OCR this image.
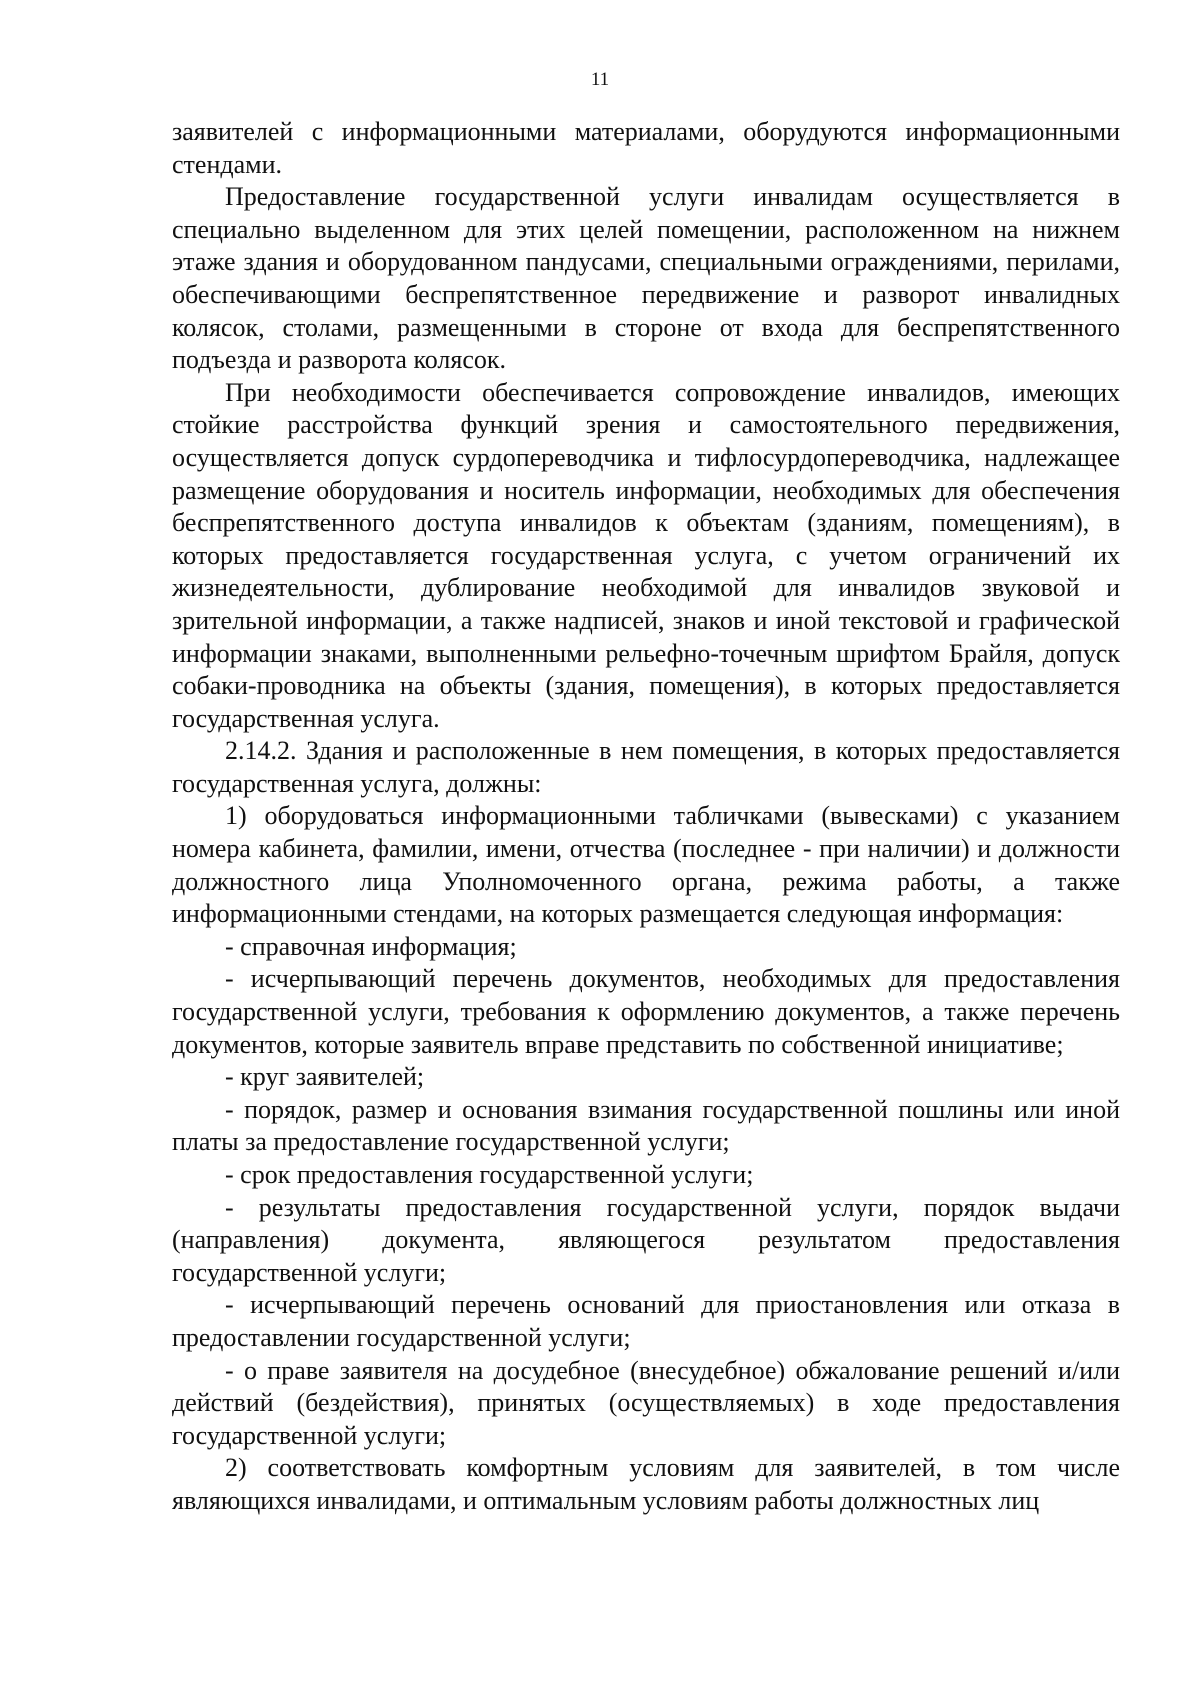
11

заявителей с информационными материалами, оборудуются информационными стендами.

Предоставление государственной услуги инвалидам осуществляется в специально выделенном для этих целей помещении, расположенном на нижнем этаже здания и оборудованном пандусами, специальными ограждениями, перилами, обеспечивающими беспрепятственное передвижение и разворот инвалидных колясок, столами, размещенными в стороне от входа для беспрепятственного подъезда и разворота колясок.

При необходимости обеспечивается сопровождение инвалидов, имеющих стойкие расстройства функций зрения и самостоятельного передвижения, осуществляется допуск сурдопереводчика и тифлосурдопереводчика, надлежащее размещение оборудования и носитель информации, необходимых для обеспечения беспрепятственного доступа инвалидов к объектам (зданиям, помещениям), в которых предоставляется государственная услуга, с учетом ограничений их жизнедеятельности, дублирование необходимой для инвалидов звуковой и зрительной информации, а также надписей, знаков и иной текстовой и графической информации знаками, выполненными рельефно-точечным шрифтом Брайля, допуск собаки-проводника на объекты (здания, помещения), в которых предоставляется государственная услуга.

2.14.2. Здания и расположенные в нем помещения, в которых предоставляется государственная услуга, должны:

1) оборудоваться информационными табличками (вывесками) с указанием номера кабинета, фамилии, имени, отчества (последнее - при наличии) и должности должностного лица Уполномоченного органа, режима работы, а также информационными стендами, на которых размещается следующая информация:

- справочная информация;

- исчерпывающий перечень документов, необходимых для предоставления государственной услуги, требования к оформлению документов, а также перечень документов, которые заявитель вправе представить по собственной инициативе;

- круг заявителей;

- порядок, размер и основания взимания государственной пошлины или иной платы за предоставление государственной услуги;

- срок предоставления государственной услуги;

- результаты предоставления государственной услуги, порядок выдачи (направления) документа, являющегося результатом предоставления государственной услуги;

- исчерпывающий перечень оснований для приостановления или отказа в предоставлении государственной услуги;

- о праве заявителя на досудебное (внесудебное) обжалование решений и/или действий (бездействия), принятых (осуществляемых) в ходе предоставления государственной услуги;

2) соответствовать комфортным условиям для заявителей, в том числе являющихся инвалидами, и оптимальным условиям работы должностных лиц
